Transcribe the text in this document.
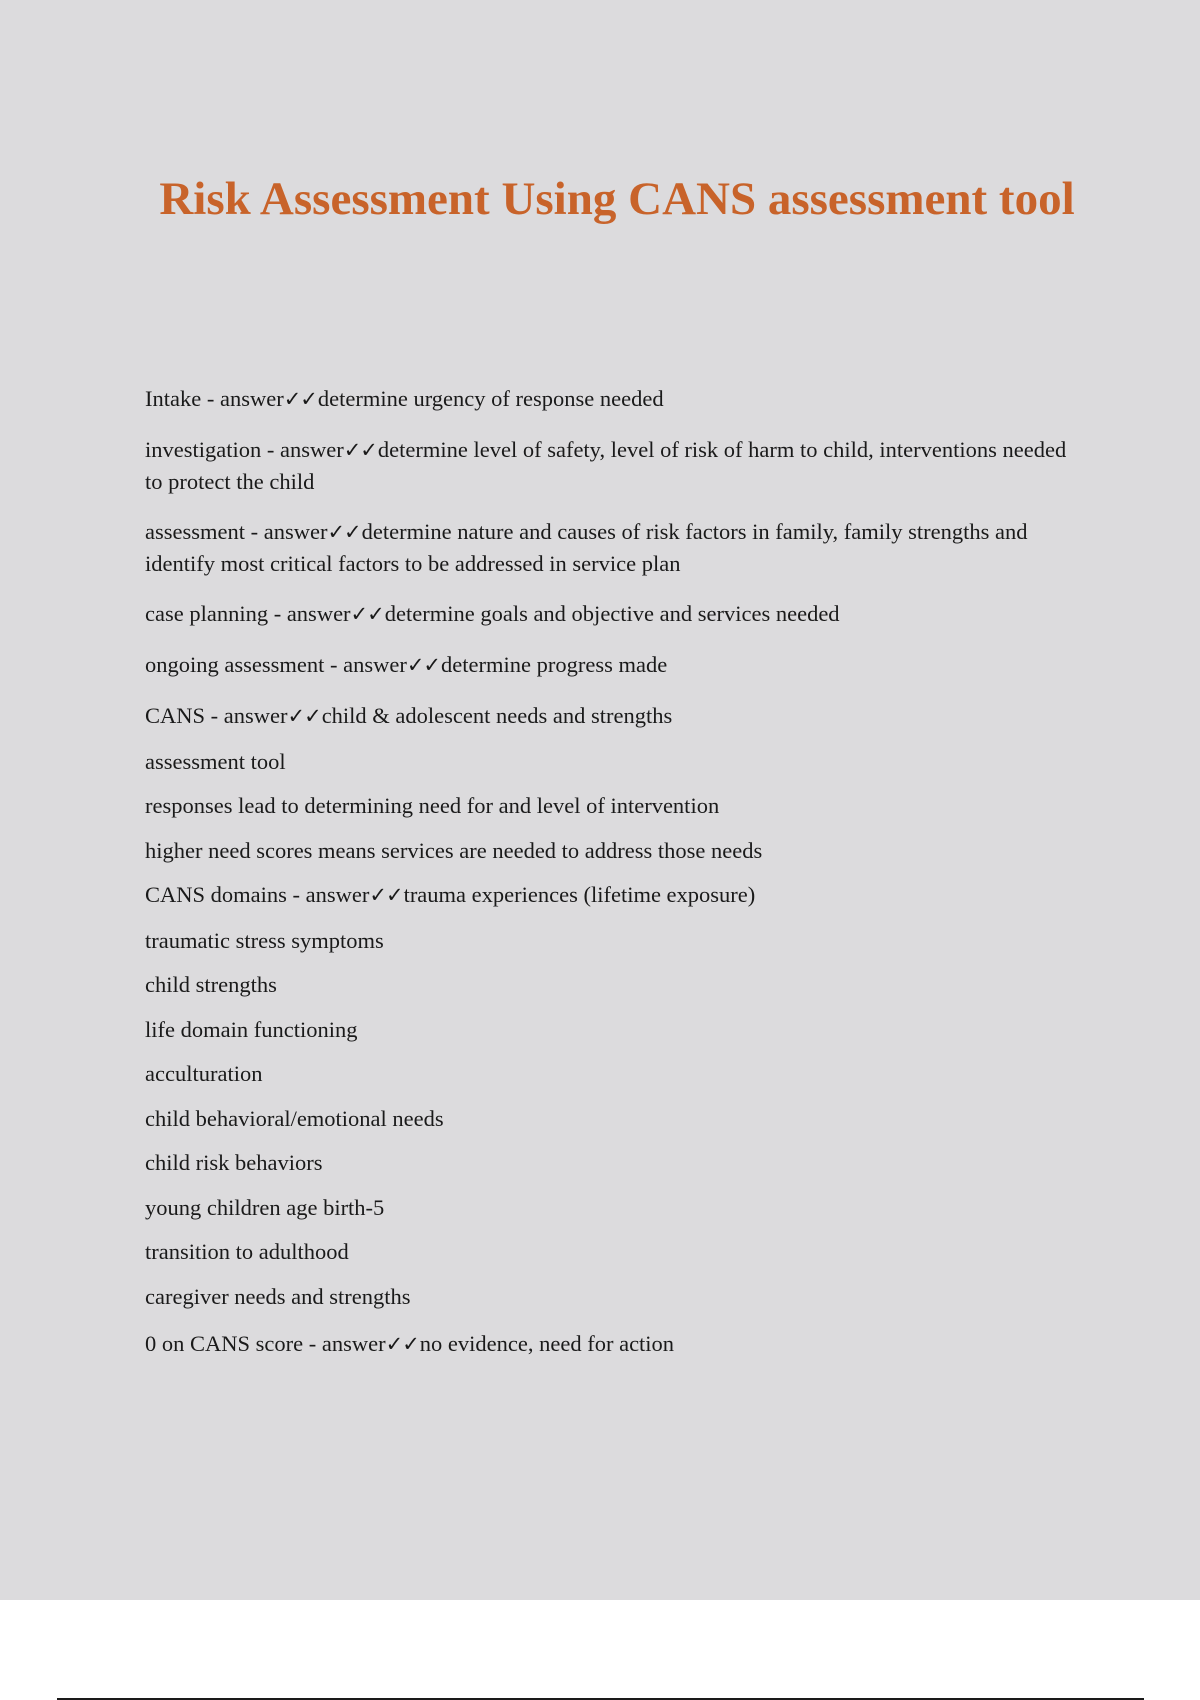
Risk Assessment Using CANS assessment tool
Intake - answer✓✓determine urgency of response needed
investigation - answer✓✓determine level of safety, level of risk of harm to child, interventions needed to protect the child
assessment - answer✓✓determine nature and causes of risk factors in family, family strengths and identify most critical factors to be addressed in service plan
case planning - answer✓✓determine goals and objective and services needed
ongoing assessment - answer✓✓determine progress made
CANS - answer✓✓child & adolescent needs and strengths
assessment tool
responses lead to determining need for and level of intervention
higher need scores means services are needed to address those needs
CANS domains - answer✓✓trauma experiences (lifetime exposure)
traumatic stress symptoms
child strengths
life domain functioning
acculturation
child behavioral/emotional needs
child risk behaviors
young children age birth-5
transition to adulthood
caregiver needs and strengths
0 on CANS score - answer✓✓no evidence, need for action
